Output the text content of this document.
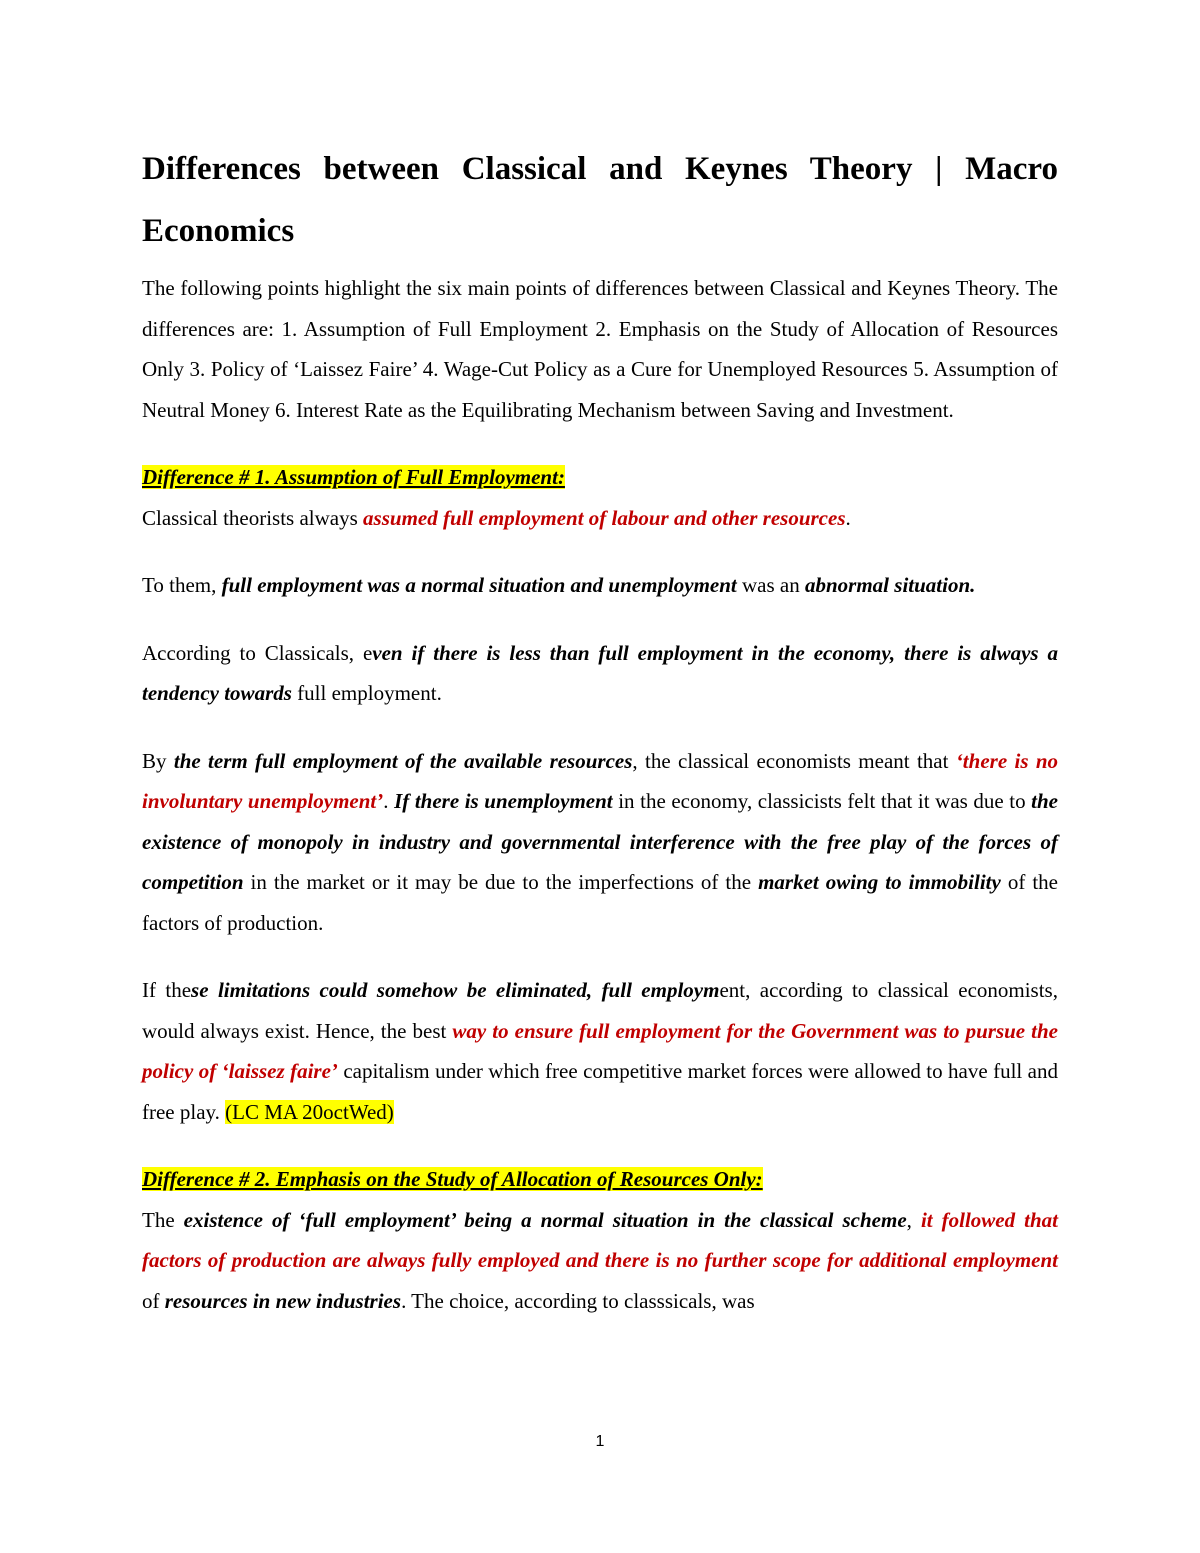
Differences between Classical and Keynes Theory | Macro Economics

The following points highlight the six main points of differences between Classical and Keynes Theory. The differences are: 1. Assumption of Full Employment 2. Emphasis on the Study of Allocation of Resources Only 3. Policy of ‘Laissez Faire’ 4. Wage-Cut Policy as a Cure for Unemployed Resources 5. Assumption of Neutral Money 6. Interest Rate as the Equilibrating Mechanism between Saving and Investment.

Difference # 1. Assumption of Full Employment:

Classical theorists always assumed full employment of labour and other resources.

To them, full employment was a normal situation and unemployment was an abnormal situation.

According to Classicals, even if there is less than full employment in the economy, there is always a tendency towards full employment.

By the term full employment of the available resources, the classical economists meant that ‘there is no involuntary unemployment’. If there is unemployment in the economy, classicists felt that it was due to the existence of monopoly in industry and governmental interference with the free play of the forces of competition in the market or it may be due to the imperfections of the market owing to immobility of the factors of production.

If these limitations could somehow be eliminated, full employment, according to classical economists, would always exist. Hence, the best way to ensure full employment for the Government was to pursue the policy of ‘laissez faire’ capitalism under which free competitive market forces were allowed to have full and free play. (LC MA 20octWed)

Difference # 2. Emphasis on the Study of Allocation of Resources Only:

The existence of ‘full employment’ being a normal situation in the classical scheme, it followed that factors of production are always fully employed and there is no further scope for additional employment of resources in new industries. The choice, according to classsicals, was

1
